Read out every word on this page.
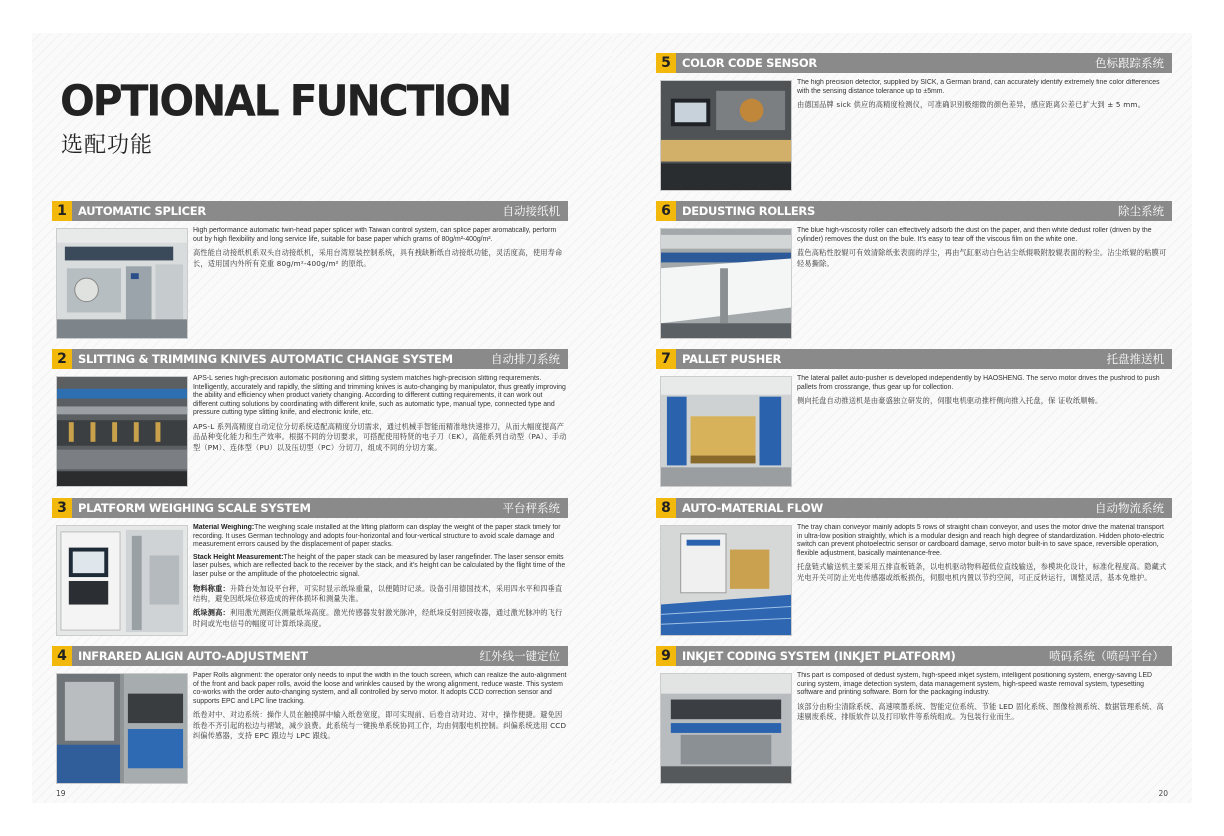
OPTIONAL FUNCTION
选配功能
1 AUTOMATIC SPLICER	自动接纸机

High performance automatic twin-head paper splicer with Taiwan control system, can splice paper aromatically, perform out by high flexibility and long service life, suitable for base paper which grams of 80g/m²-400g/m².

高性能自动接纸机系双头自动接纸机，采用台湾原装控制系统，具有拽缺断纸自动接纸功能，灵活度高，使用寿命长，适用国内外所有克重 80g/m²-400g/m² 的原纸。

2 SLITTING & TRIMMING KNIVES AUTOMATIC CHANGE SYSTEM	自动排刀系统

APS-L series high-precision automatic positioning and slitting system matches high-precision slitting requirements. Intelligently, accurately and rapidly, the slitting and trimming knives is auto-changing by manipulator, thus greatly improving the ability and efficiency when product variety changing. According to different cutting requirements, it can work out different cutting solutions by coordinating with different knife, such as automatic type, manual type, connected type and pressure cutting type slitting knife, and electronic knife, etc.

APS-L 系列高精度自动定位分切系统适配高精度分切需求，通过机械手智能而精准地快速排刀，从而大幅度提高产品品种变化能力和生产效率。根据不同的分切要求，可搭配使用特贤的电子刀（EK），高能系列自动型（PA）、手动型（PM）、连体型（PU）以及压切型（PC）分切刀，组成不同的分切方案。

3 PLATFORM WEIGHING SCALE SYSTEM	平台秤系统

Material Weighing:The weighing scale installed at the lifting platform can display the weight of the paper stack timely for recording. It uses German technology and adopts four-horizontal and four-vertical structure to avoid scale damage and measurement errors caused by the displacement of paper stacks.

Stack Height Measurement:The height of the paper stack can be measured by laser rangefinder. The laser sensor emits laser pulses, which are reflected back to the receiver by the stack, and it’s height can be calculated by the flight time of the laser pulse or the amplitude of the photoelectric signal.

物料称重：升降台处加设平台秤，可实时显示纸垛重量，以便随时记录。设备引用德国技术，采用四水平和四垂直结构，避免因纸垛位移造成的秤体损坏和测量失准。

纸垛测高：利用激光测距仪测量纸垛高度。激光传感器发射激光脉冲，经纸垛反射回接收器，通过激光脉冲的飞行时间或光电信号的幅度可计算纸垛高度。

4 INFRARED ALIGN AUTO-ADJUSTMENT	红外线一键定位

Paper Rolls alignment: the operator only needs to input the width in the touch screen, which can realize the auto-alignment of the front and back paper rolls, avoid the loose and wrinkles caused by the wrong alignment, reduce waste. This system co-works with the order auto-changing system, and all controlled by servo motor. It adopts CCD correction sensor and supports EPC and LPC line tracking.

纸卷对中、对边系统：操作人员在触摸屏中输入纸卷宽度，即可实现前、后卷自动对边、对中，操作便捷。避免因纸卷不齐引起的松边与褶皱，减少浪费。此系统与一键换单系统协同工作，均由伺服电机控制。纠偏系统选用 CCD 纠偏传感器，支持 EPC 跟边与 LPC 跟线。

19
5 COLOR CODE SENSOR	色标跟踪系统

The high precision detector, supplied by SICK, a German brand, can accurately identify extremely fine color differences with the sensing distance tolerance up to ±5mm.

由德国品牌 sick 供应的高精度检测仪，可准确识别极细微的颜色差异，感应距离公差已扩大到 ± 5 mm。

6 DEDUSTING ROLLERS	除尘系统

The blue high-viscosity roller can effectively adsorb the dust on the paper, and then white dedust roller (driven by the cylinder) removes the dust on the bule. It’s easy to tear off the viscous film on the white one.

蓝色高粘性胶辊可有效清除纸张表面的浮尘，再由气缸驱动白色沾尘纸辊吸附胶辊表面的粉尘。沾尘纸辊的粘膜可轻易撕除。

7 PALLET PUSHER	托盘推送机

The lateral pallet auto-pusher is developed independently by HAOSHENG. The servo motor drives the pushrod to push pallets from crossrange, thus gear up for collection.

侧向托盘自动推送机是由豪盛独立研发的，伺服电机驱动推杆侧向推入托盘，保 证收纸顺畅。

8 AUTO-MATERIAL FLOW	自动物流系统

The tray chain conveyor mainly adopts 5 rows of straight chain conveyor, and uses the motor drive the material transport in ultra-low position straightly, which is a modular design and reach high degree of standardization. Hidden photo-electric switch can prevent photoelectric sensor or cardboard damage, servo motor built-in to save space, reversible operation, flexible adjustment, basically maintenance-free.

托盘链式输送机主要采用五排直板链条，以电机驱动物料超低位直线输送，参模块化设计，标准化程度高。隐藏式光电开关可防止光电传感器或纸板损伤，伺服电机内置以节约空间，可正反转运行，调整灵活，基本免维护。

9 INKJET CODING SYSTEM (INKJET PLATFORM)	喷码系统（喷码平台）

This part is composed of dedust system, high-speed inkjet system, intelligent positioning system, energy-saving LED curing system, image detection system, data management system, high-speed waste removal system, typesetting software and printing software. Born for the packaging industry.

该部分由粉尘清除系统、高速喷墨系统、智能定位系统、节能 LED 固化系统、图像检测系统、数据管理系统、高速剔废系统、排版软件以及打印软件等系统组成。为包装行业而生。

20
